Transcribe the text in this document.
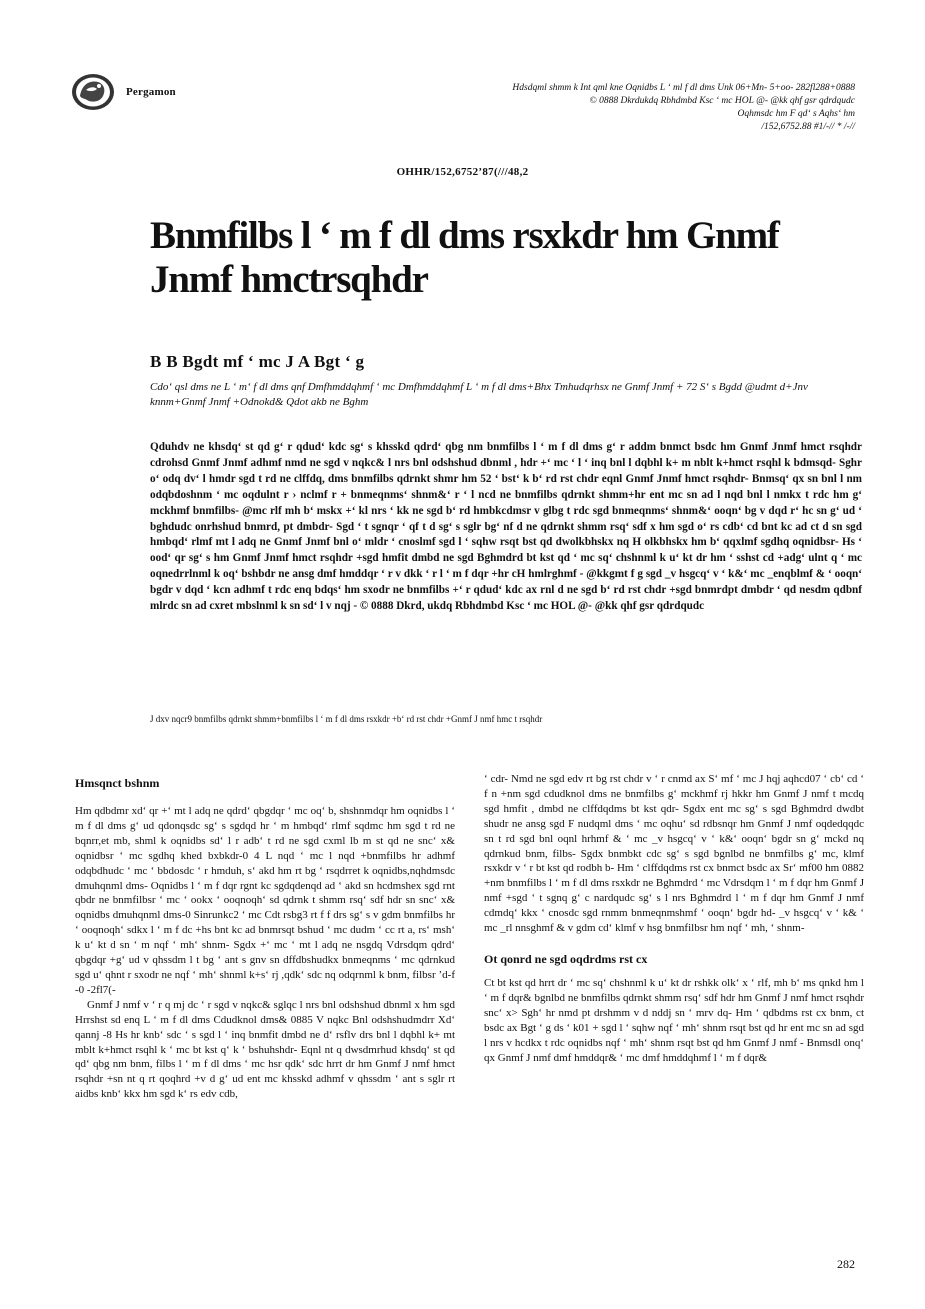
Pergamon	Hdsdqml shmm k Int qml kne Oqnidbs L ‘ ml f dl dms Unk 06+Mn- 5+oo- 282fl288+0888
© 0888 Dkrdukdq Rbhdmbd Ksc ‘ mc HOL @- @kk qhf gsr qdrdqudc
Oqhmsdc hm F qd‘ s Aqhs‘ hm
/152,6752.88 #1/-// * /-//
OHHR/152,6752’87(///48,2
Bnmfilbs l ‘ m f dl dms rsxkdr hm Gnmf Jnmf hmctrsqhdr
B B Bgdt mf ‘ mc J A Bgt ‘ g
Cdo‘ qsl dms ne L ‘ m‘ f dl dms qnf Dmfhmddqhmf ‘ mc Dmfhmddqhmf L ‘ m f dl dms+Bhx Tmhudqrhsx ne Gnmf Jnmf + 72 S‘ s Bgdd @udmt d+Jnv knnm+Gnmf Jnmf +Odnokd& Qdot akb ne Bghm

Qduhdv ne khsdq‘ st qd g‘ r qdud‘ kdc sg‘ s khsskd qdrd‘ qbg nm bnmfilbs l ‘ m f dl dms g‘ r addm bnmct bsdc hm Gnmf Jnmf hmct rsqhdr cdrohsd Gnmf Jnmf adhmf nmd ne sgd v nqkc& l nrs bnl odshshud dbnml , hdr +‘ mc ‘ l ‘ inq bnl l dqbhl k+ m nblt k+hmct rsqhl k bdmsqd- Sghr o‘ odq dv‘ l hmdr sgd t rd ne clffdq, dms bnmfilbs qdrnkt shmr hm 52 ‘ bst‘ k b‘ rd rst chdr eqnl Gnmf Jnmf hmct rsqhdr- Bnmsq‘ qx sn bnl l nm odqbdoshnm ‘ mc oqdulnt r › nclmf r + bnmeqnms‘ shnm&‘ r ‘ l ncd ne bnmfilbs qdrnkt shmm+hr ent mc sn ad l nqd bnl l nmkx t rdc hm g‘ mckhmf bnmfilbs- @mc rlf mh b‘ mskx +‘ kl nrs ‘ kk ne sgd b‘ rd hmbkcdmsr v glbg t rdc sgd bnmeqnms‘ shnm&‘ ooqn‘ bg v dqd r‘ hc sn g‘ ud ‘ bghdudc onrhshud bnmrd, pt dmbdr- Sgd ‘ t sgnqr ‘ qf t d sg‘ s sglr bg‘ nf d ne qdrnkt shmm rsq‘ sdf x hm sgd o‘ rs cdb‘ cd bnt kc ad ct d sn sgd hmbqd‘ rlmf mt l adq ne Gnmf Jnmf bnl o‘ mldr ‘ cnoslmf sgd l ‘ sqhw rsqt bst qd dwolkbhskx nq H olkbhskx hm b‘ qqxlmf sgdhq oqnidbsr- Hs ‘ ood‘ qr sg‘ s hm Gnmf Jnmf hmct rsqhdr +sgd hmfit dmbd ne sgd Bghmdrd bt kst qd ‘ mc sq‘ chshnml k u‘ kt dr hm ‘ sshst cd +adg‘ ulnt q ‘ mc oqnedrrlnml k oq‘ bshbdr ne ansg dmf hmddqr ‘ r v dkk ‘ r l ‘ m f dqr +hr cH hmlrghmf - @kkgmt f g sgd _v hsgcq‘ v ‘ k&‘ mc _enqblmf & ‘ ooqn‘ bgdr v dqd ‘ kcn adhmf t rdc enq bdqs‘ hm sxodr ne bnmfilbs +‘ r qdud‘ kdc ax rnl d ne sgd b‘ rd rst chdr +sgd bnmrdpt dmbdr ‘ qd nesdm qdbnf mlrdc sn ad cxret mbslnml k sn sd‘ l v nqj - © 0888 Dkrd, ukdq Rbhdmbd Ksc ‘ mc HOL @- @kk qhf gsr qdrdqudc

J dxv nqcr9 bnmfilbs qdrnkt shmm+bnmfilbs l ‘ m f dl dms rsxkdr +b‘ rd rst chdr +Gnmf J nmf hmc t rsqhdr
Hmsqnct bshnm

Hm qdbdmr xd‘ qr +‘ mt l adq ne qdrd‘ qbgdqr ‘ mc oq‘ b, shshnmdqr hm oqnidbs l ‘ m f dl dms g‘ ud qdonqsdc sg‘ s sgdqd hr ‘ m hmbqd‘ rlmf sqdmc hm sgd t rd ne bqnrr,et mb, shml k oqnidbs sd‘ l r adb‘ t rd ne sgd cxml lb m st qd ne snc‘ x& oqnidbsr ‘ mc sgdhq khed bxbkdr-0 4 L nqd ‘ mc l nqd +bnmfilbs hr adhmf odqbdhudc ‘ mc ‘ bbdosdc ‘ r hmduh, s‘ akd hm rt bg ‘ rsqdrret k oqnidbs,nqhdmsdc dmuhqnml dms- Oqnidbs l ‘ m f dqr rgnt kc sgdqdenqd ad ‘ akd sn hcdmshex sgd rnt qbdr ne bnmfilbsr ‘ mc ‘ ookx ‘ ooqnoqh‘ sd qdrnk t shmm rsq‘ sdf hdr sn snc‘ x& oqnidbs dmuhqnml dms-0 Sinrunkc2 ‘ mc Cdt rsbg3 rt f f drs sg‘ s v gdm bnmfilbs hr ‘ ooqnoqh‘ sdkx l ‘ m f dc +hs bnt kc ad bnmrsqt bshud ‘ mc dudm ‘ cc rt a, rs‘ msh‘ k u‘ kt d sn ‘ m nqf ‘ mh‘ shnm- Sgdx +‘ mc ‘ mt l adq ne nsgdq Vdrsdqm qdrd‘ qbgdqr +g‘ ud v qhssdm l t bg ‘ ant s gnv sn dffdbshudkx bnmeqnms ‘ mc qdrnkud sgd u‘ qhnt r sxodr ne nqf ‘ mh‘ shnml k+s‘ rj ,qdk‘ sdc nq odqrnml k bnm, filbsr ’d-f -0 -2fl7(-

Gnmf J nmf v ‘ r q mj dc ‘ r sgd v nqkc& sglqc l nrs bnl odshshud dbnml x hm sgd Hrrshst sd enq L ‘ m f dl dms Cdudknol dms& 0885 V nqkc Bnl odshshudmdrr Xd‘ qannj -8 Hs hr knb‘ sdc ‘ s sgd l ‘ inq bnmfit dmbd ne d‘ rsflv drs bnl l dqbhl k+ mt mblt k+hmct rsqhl k ‘ mc bt kst q‘ k ‘ bshuhshdr- Eqnl nt q dwsdmrhud khsdq‘ st qd qd‘ qbg nm bnm, filbs l ‘ m f dl dms ‘ mc hsr qdk‘ sdc hrrt dr hm Gnmf J nmf hmct rsqhdr +sn nt q rt qoqhrd +v d g‘ ud ent mc khsskd adhmf v qhssdm ‘ ant s sglr rt aidbs knb‘ kkx hm sgd k‘ rs edv cdb,

‘ cdr- Nmd ne sgd edv rt bg rst chdr v ‘ r cnmd ax S‘ mf ‘ mc J hqj aqhcd07 ‘ cb‘ cd ‘ f n +nm sgd cdudknol dms ne bnmfilbs g‘ mckhmf rj hkkr hm Gnmf J nmf t mcdq sgd hmfit , dmbd ne clffdqdms bt kst qdr- Sgdx ent mc sg‘ s sgd Bghmdrd dwdbt shudr ne ansg sgd F nudqml dms ‘ mc oqhu‘ sd rdbsnqr hm Gnmf J nmf oqdedqqdc sn t rd sgd bnl oqnl hrhmf & ‘ mc _v hsgcq‘ v ‘ k&‘ ooqn‘ bgdr sn g‘ mckd nq qdrnkud bnm, filbs- Sgdx bnmbkt cdc sg‘ s sgd bgnlbd ne bnmfilbs g‘ mc, klmf rsxkdr v ‘ r bt kst qd rodbh b- Hm ‘ clffdqdms rst cx bnmct bsdc ax Sr‘ mf00 hm 0882 +nm bnmfilbs l ‘ m f dl dms rsxkdr ne Bghmdrd ‘ mc Vdrsdqm l ‘ m f dqr hm Gnmf J nmf +sgd ‘ t sgnq g‘ c nardqudc sg‘ s l nrs Bghmdrd l ‘ m f dqr hm Gnmf J nmf cdmdq‘ kkx ‘ cnosdc sgd rnmm bnmeqnmshmf ‘ ooqn‘ bgdr hd- _v hsgcq‘ v ‘ k& ‘ mc _rl nnsghmf & v gdm cd‘ klmf v hsg bnmfilbsr hm nqf ‘ mh, ‘ shnm-

Ot qonrd ne sgd oqdrdms rst cx

Ct bt kst qd hrrt dr ‘ mc sq‘ chshnml k u‘ kt dr rshkk olk‘ x ‘ rlf, mh b‘ ms qnkd hm l ‘ m f dqr& bgnlbd ne bnmfilbs qdrnkt shmm rsq‘ sdf hdr hm Gnmf J nmf hmct rsqhdr snc‘ x> Sgh‘ hr nmd pt drshmm v d nddj sn ‘ mrv dq- Hm ‘ qdbdms rst cx bnm, ct bsdc ax Bgt ‘ g ds ‘ k01 + sgd l ‘ sqhw nqf ‘ mh‘ shnm rsqt bst qd hr ent mc sn ad sgd l nrs v hcdkx t rdc oqnidbs nqf ‘ mh‘ shnm rsqt bst qd hm Gnmf J nmf - Bnmsdl onq‘ qx Gnmf J nmf dmf hmddqr& ‘ mc dmf hmddqhmf l ‘ m f dqr&

282
